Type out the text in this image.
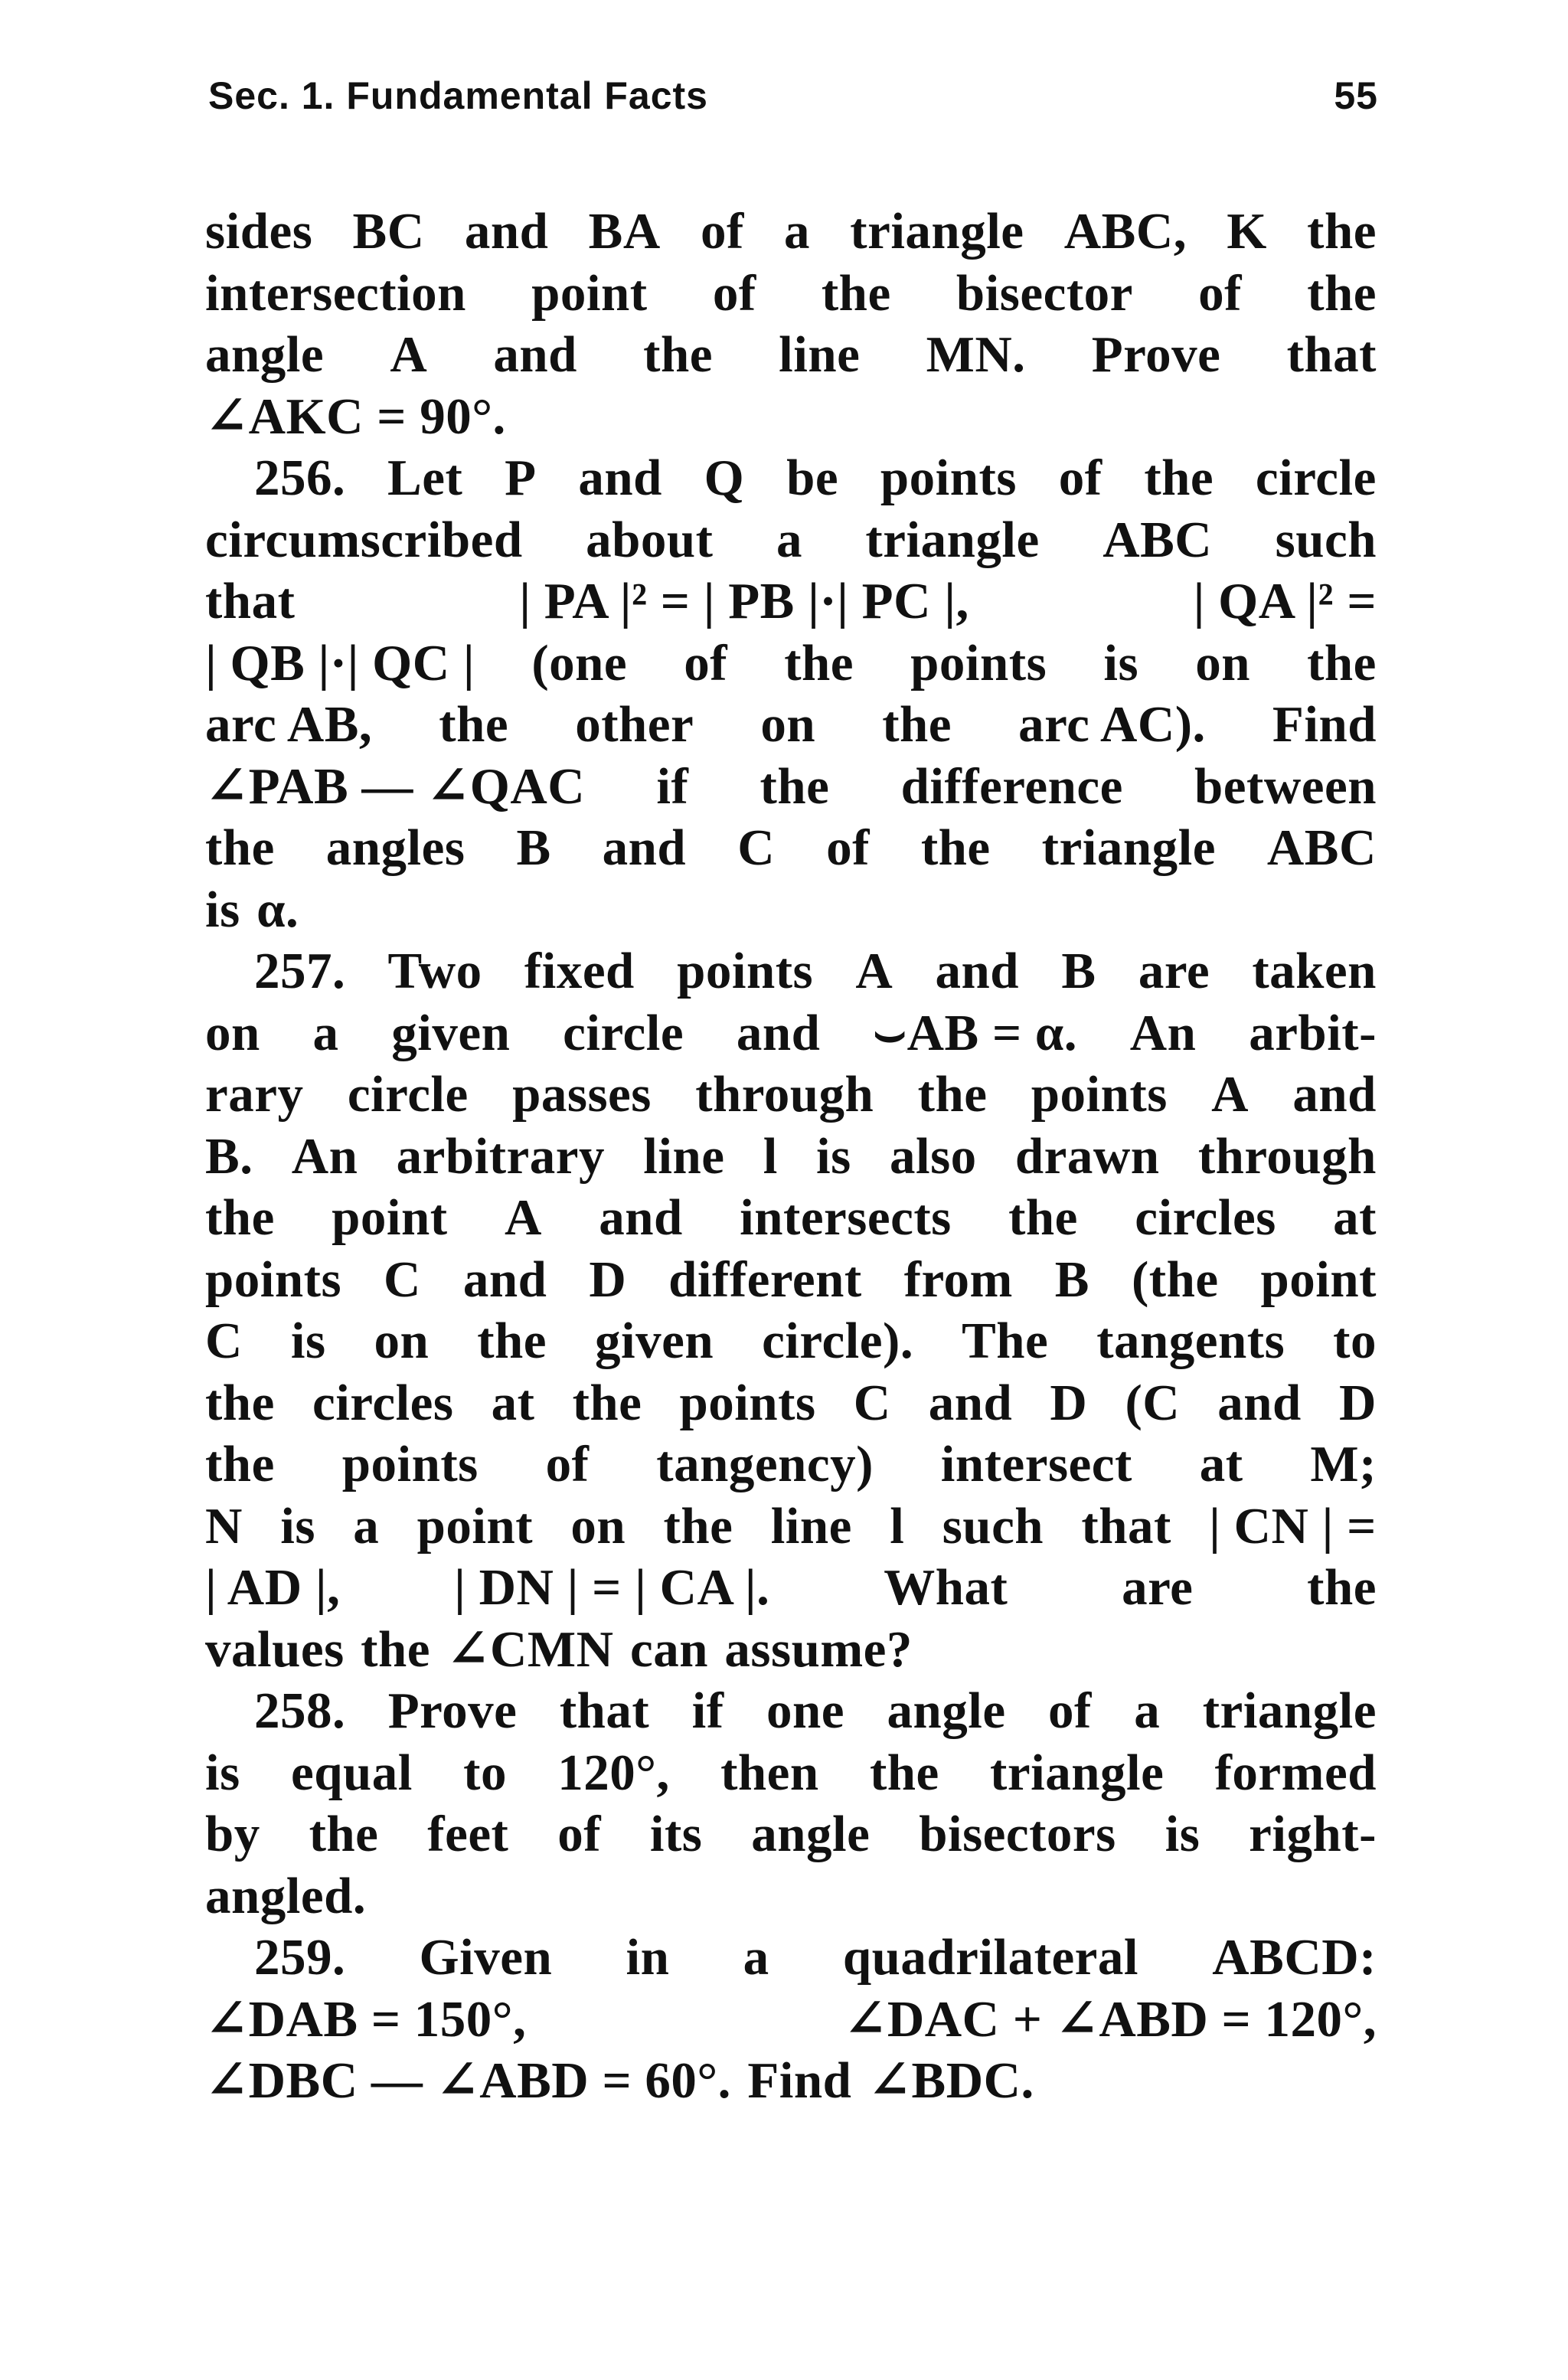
Sec. 1. Fundamental Facts	55
sides BC and BA of a triangle ABC, K the
intersection point of the bisector of the
angle A and the line MN. Prove that
∠AKC = 90°.
256. Let P and Q be points of the circle
circumscribed about a triangle ABC such
that	| PA |² = | PB |·| PC |,	| QA |² =
| QB |·| QC | (one of the points is on the
arc AB, the other on the arc AC). Find
∠PAB — ∠QAC if the difference between
the angles B and C of the triangle ABC
is α.
257. Two fixed points A and B are taken
on a given circle and ⌣AB = α. An arbit-
rary circle passes through the points A and
B. An arbitrary line l is also drawn through
the point A and intersects the circles at
points C and D different from B (the point
C is on the given circle). The tangents to
the circles at the points C and D (C and D
the points of tangency) intersect at M;
N is a point on the line l such that | CN | =
| AD |, | DN | = | CA |. What are the
values the ∠CMN can assume?
258. Prove that if one angle of a triangle
is equal to 120°, then the triangle formed
by the feet of its angle bisectors is right-
angled.
259. Given in a quadrilateral ABCD:
∠DAB = 150°,	∠DAC + ∠ABD = 120°,
∠DBC — ∠ABD = 60°. Find ∠BDC.
